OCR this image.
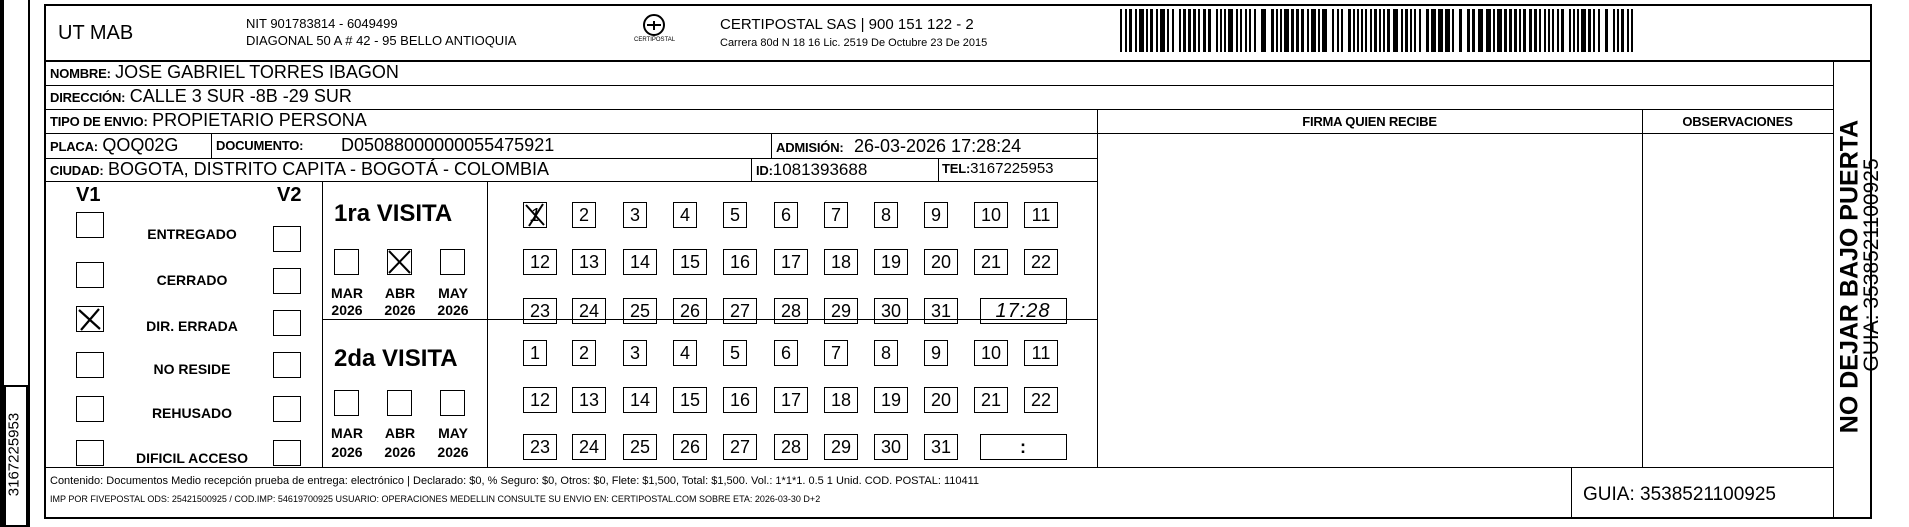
3167225953
UT MAB	NIT 901783814 - 6049499
DIAGONAL 50 A # 42 - 95 BELLO ANTIOQUIA	CERTIPOSTAL
CERTIPOSTAL SAS | 900 151 122 - 2
Carrera 80d N 18 16 Lic. 2519 De Octubre 23 De 2015
NOMBRE: JOSE GABRIEL TORRES IBAGON
DIRECCIÓN: CALLE 3 SUR -8B -29 SUR
TIPO DE ENVIO: PROPIETARIO PERSONA	FIRMA QUIEN RECIBE	OBSERVACIONES
PLACA: QOQ02G	DOCUMENTO: D05088000000055475921	ADMISIÓN: 26-03-2026 17:28:24
CIUDAD: BOGOTA, DISTRITO CAPITA - BOGOTÁ - COLOMBIA	ID:1081393688	TEL:3167225953
V1	V2
ENTREGADO
CERRADO
DIR. ERRADA
NO RESIDE
REHUSADO
DIFICIL ACCESO
1ra VISITA
MAR	ABR	MAY
2026	2026	2026
2da VISITA
MAR	ABR	MAY
2026	2026	2026
1	2	3	4	5	6	7	8	9	10	11
12	13	14	15	16	17	18	19	20	21	22
23	24	25	26	27	28	29	30	31
1	2	3	4	5	6	7	8	9	10	11
12	13	14	15	16	17	18	19	20	21	22
23	24	25	26	27	28	29	30	31
17:28
:
Contenido: Documentos Medio recepción prueba de entrega: electrónico | Declarado: $0, % Seguro: $0, Otros: $0, Flete: $1,500, Total: $1,500. Vol.: 1*1*1. 0.5 1 Unid. COD. POSTAL: 110411
IMP POR FIVEPOSTAL ODS: 25421500925 / COD.IMP: 54619700925 USUARIO: OPERACIONES MEDELLIN CONSULTE SU ENVIO EN: CERTIPOSTAL.COM SOBRE ETA: 2026-03-30 D+2	GUIA: 3538521100925
NO DEJAR BAJO PUERTA
GUIA: 3538521100925
